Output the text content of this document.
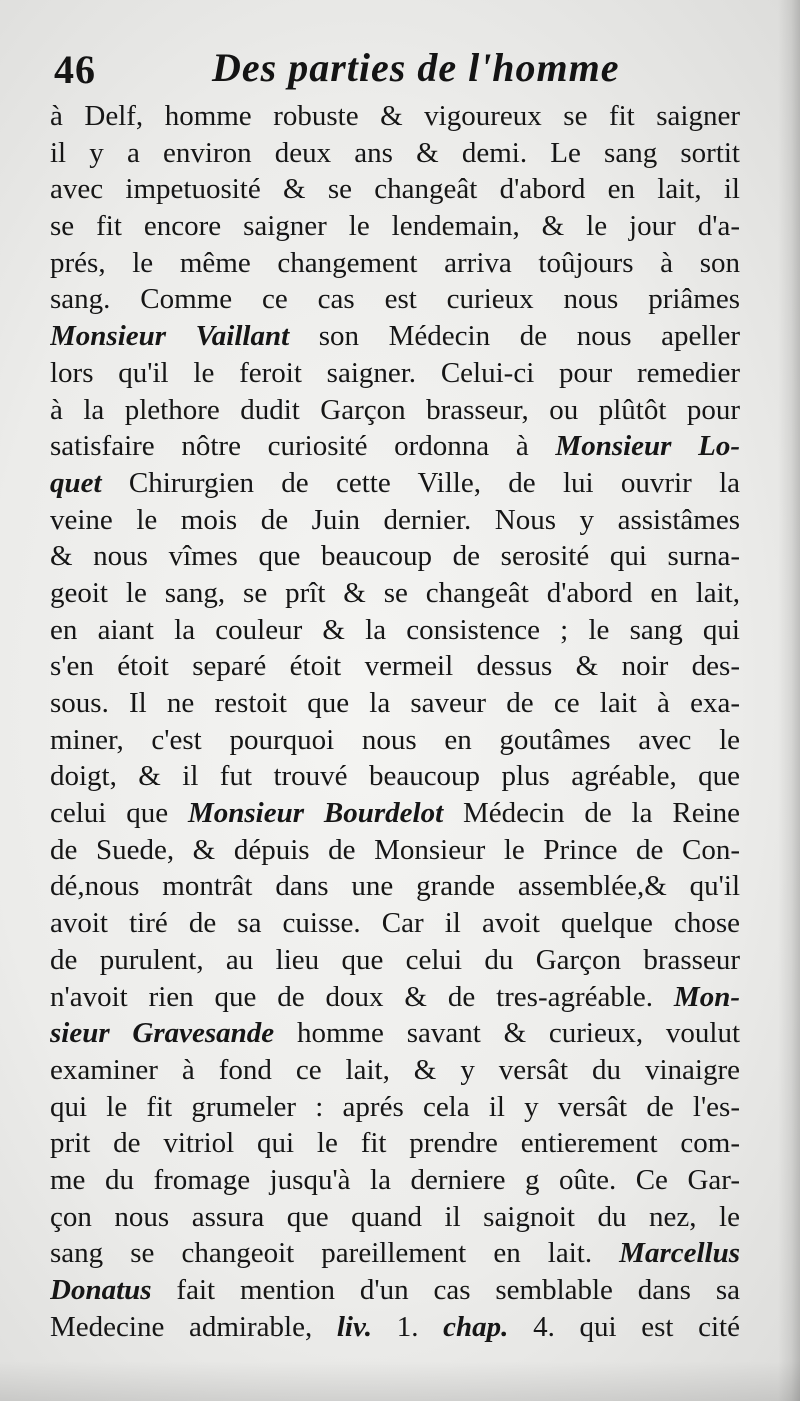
46	Des parties de l'homme
à Delf, homme robuste & vigoureux se fit saigner
il y a environ deux ans & demi. Le sang sortit
avec impetuosité & se changeât d'abord en lait, il
se fit encore saigner le lendemain, & le jour d'a-
prés, le même changement arriva toûjours à son
sang. Comme ce cas est curieux nous priâmes
Monsieur Vaillant son Médecin de nous apeller
lors qu'il le feroit saigner. Celui-ci pour remedier
à la plethore dudit Garçon brasseur, ou plûtôt pour
satisfaire nôtre curiosité ordonna à Monsieur Lo-
quet Chirurgien de cette Ville, de lui ouvrir la
veine le mois de Juin dernier. Nous y assistâmes
& nous vîmes que beaucoup de serosité qui surna-
geoit le sang, se prît & se changeât d'abord en lait,
en aiant la couleur & la consistence ; le sang qui
s'en étoit separé étoit vermeil dessus & noir des-
sous. Il ne restoit que la saveur de ce lait à exa-
miner, c'est pourquoi nous en goutâmes avec le
doigt, & il fut trouvé beaucoup plus agréable, que
celui que Monsieur Bourdelot Médecin de la Reine
de Suede, & dépuis de Monsieur le Prince de Con-
dé,nous montrât dans une grande assemblée,& qu'il
avoit tiré de sa cuisse. Car il avoit quelque chose
de purulent, au lieu que celui du Garçon brasseur
n'avoit rien que de doux & de tres-agréable. Mon-
sieur Gravesande homme savant & curieux, voulut
examiner à fond ce lait, & y versât du vinaigre
qui le fit grumeler : aprés cela il y versât de l'es-
prit de vitriol qui le fit prendre entierement com-
me du fromage jusqu'à la derniere g oûte. Ce Gar-
çon nous assura que quand il saignoit du nez, le
sang se changeoit pareillement en lait. Marcellus
Donatus fait mention d'un cas semblable dans sa
Medecine admirable, liv. 1. chap. 4. qui est cité
